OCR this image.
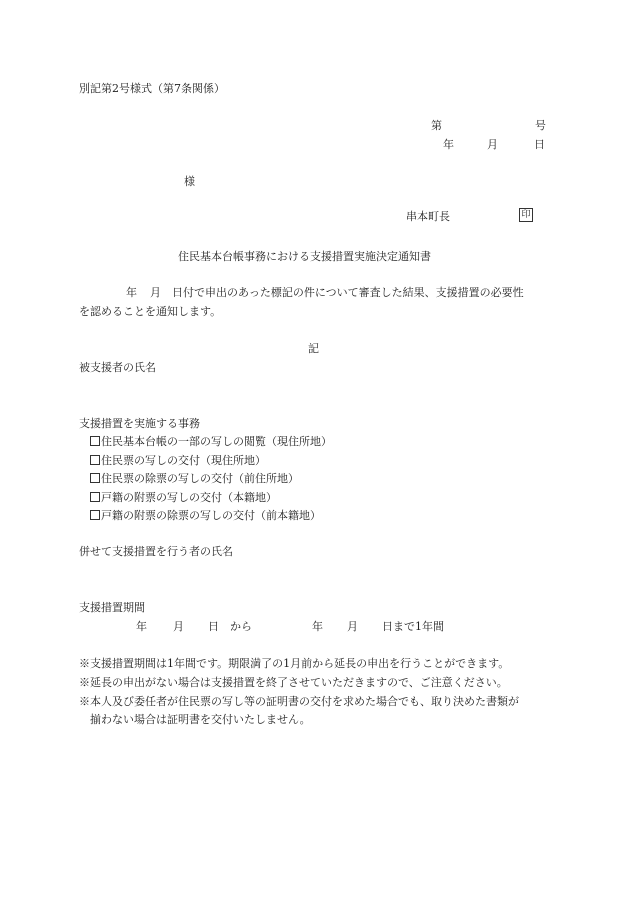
別記第2号様式（第7条関係）
第	号
年	月	日
様
串本町長	印
住民基本台帳事務における支援措置実施決定通知書
年 月 日付で申出のあった標記の件について審査した結果、支援措置の必要性
を認めることを通知します。
記
被支援者の氏名
支援措置を実施する事務
住民基本台帳の一部の写しの閲覧（現住所地）
住民票の写しの交付（現住所地）
住民票の除票の写しの交付（前住所地）
戸籍の附票の写しの交付（本籍地）
戸籍の附票の除票の写しの交付（前本籍地）
併せて支援措置を行う者の氏名
支援措置期間
年 月 日 から	年 月 日まで1年間
※支援措置期間は1年間です。期限満了の1月前から延長の申出を行うことができます。
※延長の申出がない場合は支援措置を終了させていただきますので、ご注意ください。
※本人及び委任者が住民票の写し等の証明書の交付を求めた場合でも、取り決めた書類が
揃わない場合は証明書を交付いたしません。
